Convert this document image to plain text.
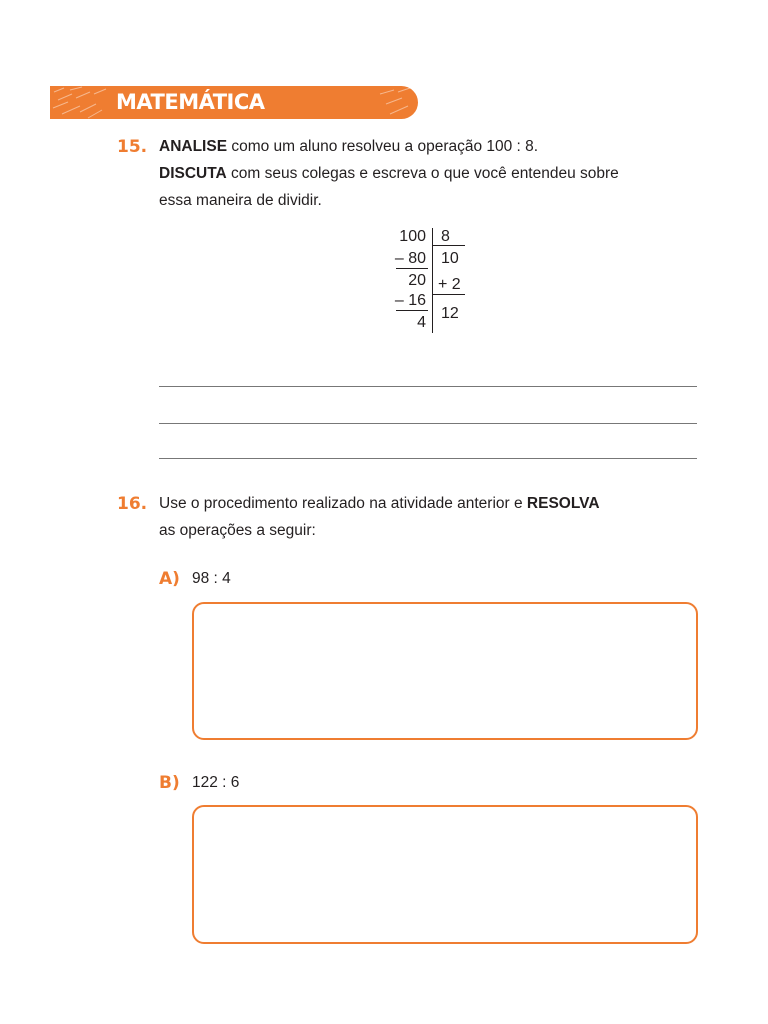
MATEMÁTICA
15. ANALISE como um aluno resolveu a operação 100 : 8.
DISCUTA com seus colegas e escreva o que você entendeu sobre
essa maneira de dividir.
100 8
– 80 10
20 + 2
– 16
4
12
16. Use o procedimento realizado na atividade anterior e RESOLVA
as operações a seguir:
A) 98 : 4
B) 122 : 6
